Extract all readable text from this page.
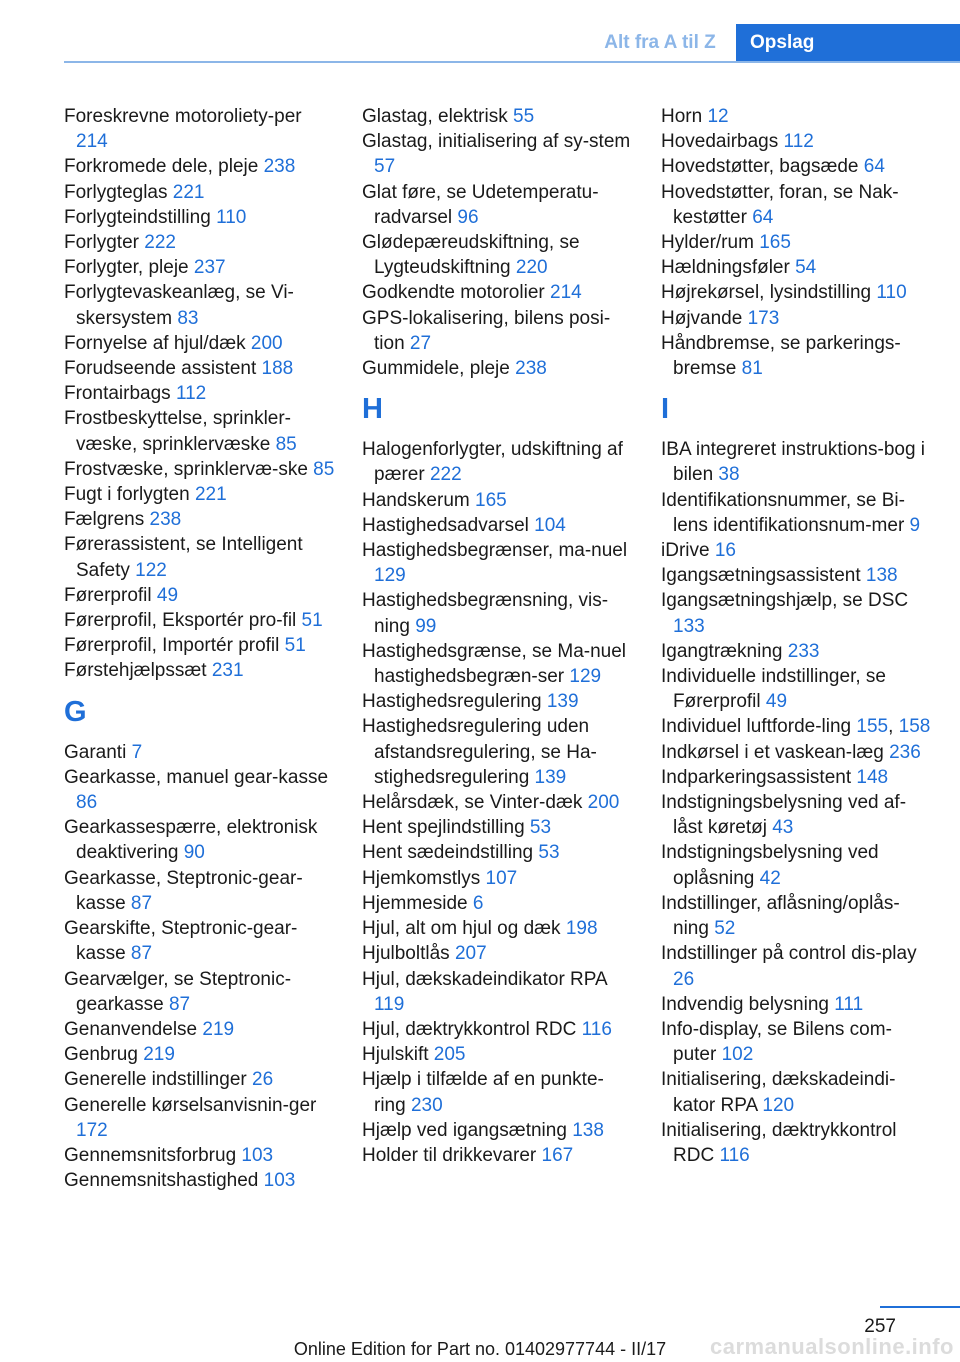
Alt fra A til Z	Opslag
Foreskrevne motoroliety-per 214
Forkromede dele, pleje 238
Forlygteglas 221
Forlygteindstilling 110
Forlygter 222
Forlygter, pleje 237
Forlygtevaskeanlæg, se Vi-skersystem 83
Fornyelse af hjul/dæk 200
Forudseende assistent 188
Frontairbags 112
Frostbeskyttelse, sprinkler-væske, sprinklervæske 85
Frostvæske, sprinklervæ-ske 85
Fugt i forlygten 221
Fælgrens 238
Førerassistent, se Intelligent Safety 122
Førerprofil 49
Førerprofil, Eksportér pro-fil 51
Førerprofil, Importér profil 51
Førstehjælpssæt 231
G
Garanti 7
Gearkasse, manuel gear-kasse 86
Gearkassespærre, elektronisk deaktivering 90
Gearkasse, Steptronic-gear-kasse 87
Gearskifte, Steptronic-gear-kasse 87
Gearvælger, se Steptronic-gearkasse 87
Genanvendelse 219
Genbrug 219
Generelle indstillinger 26
Generelle kørselsanvisnin-ger 172
Gennemsnitsforbrug 103
Gennemsnitshastighed 103
Glastag, elektrisk 55
Glastag, initialisering af sy-stem 57
Glat føre, se Udetemperatu-radvarsel 96
Glødepæreudskiftning, se Lygteudskiftning 220
Godkendte motorolier 214
GPS-lokalisering, bilens posi-tion 27
Gummidele, pleje 238
H
Halogenforlygter, udskiftning af pærer 222
Handskerum 165
Hastighedsadvarsel 104
Hastighedsbegrænser, ma-nuel 129
Hastighedsbegrænsning, vis-ning 99
Hastighedsgrænse, se Ma-nuel hastighedsbegræn-ser 129
Hastighedsregulering 139
Hastighedsregulering uden afstandsregulering, se Ha-stighedsregulering 139
Helårsdæk, se Vinter-dæk 200
Hent spejlindstilling 53
Hent sædeindstilling 53
Hjemkomstlys 107
Hjemmeside 6
Hjul, alt om hjul og dæk 198
Hjulboltlås 207
Hjul, dækskadeindikator RPA 119
Hjul, dæktrykkontrol RDC 116
Hjulskift 205
Hjælp i tilfælde af en punkte-ring 230
Hjælp ved igangsætning 138
Holder til drikkevarer 167
Horn 12
Hovedairbags 112
Hovedstøtter, bagsæde 64
Hovedstøtter, foran, se Nak-kestøtter 64
Hylder/rum 165
Hældningsføler 54
Højrekørsel, lysindstilling 110
Højvande 173
Håndbremse, se parkerings-bremse 81
I
IBA integreret instruktions-bog i bilen 38
Identifikationsnummer, se Bi-lens identifikationsnum-mer 9
iDrive 16
Igangsætningsassistent 138
Igangsætningshjælp, se DSC 133
Igangtrækning 233
Individuelle indstillinger, se Førerprofil 49
Individuel luftforde-ling 155, 158
Indkørsel i et vaskean-læg 236
Indparkeringsassistent 148
Indstigningsbelysning ved af-låst køretøj 43
Indstigningsbelysning ved oplåsning 42
Indstillinger, aflåsning/oplås-ning 52
Indstillinger på control dis-play 26
Indvendig belysning 111
Info-display, se Bilens com-puter 102
Initialisering, dækskadeindi-kator RPA 120
Initialisering, dæktrykkontrol RDC 116
257
Online Edition for Part no. 01402977744 - II/17	carmanualsonline.info
